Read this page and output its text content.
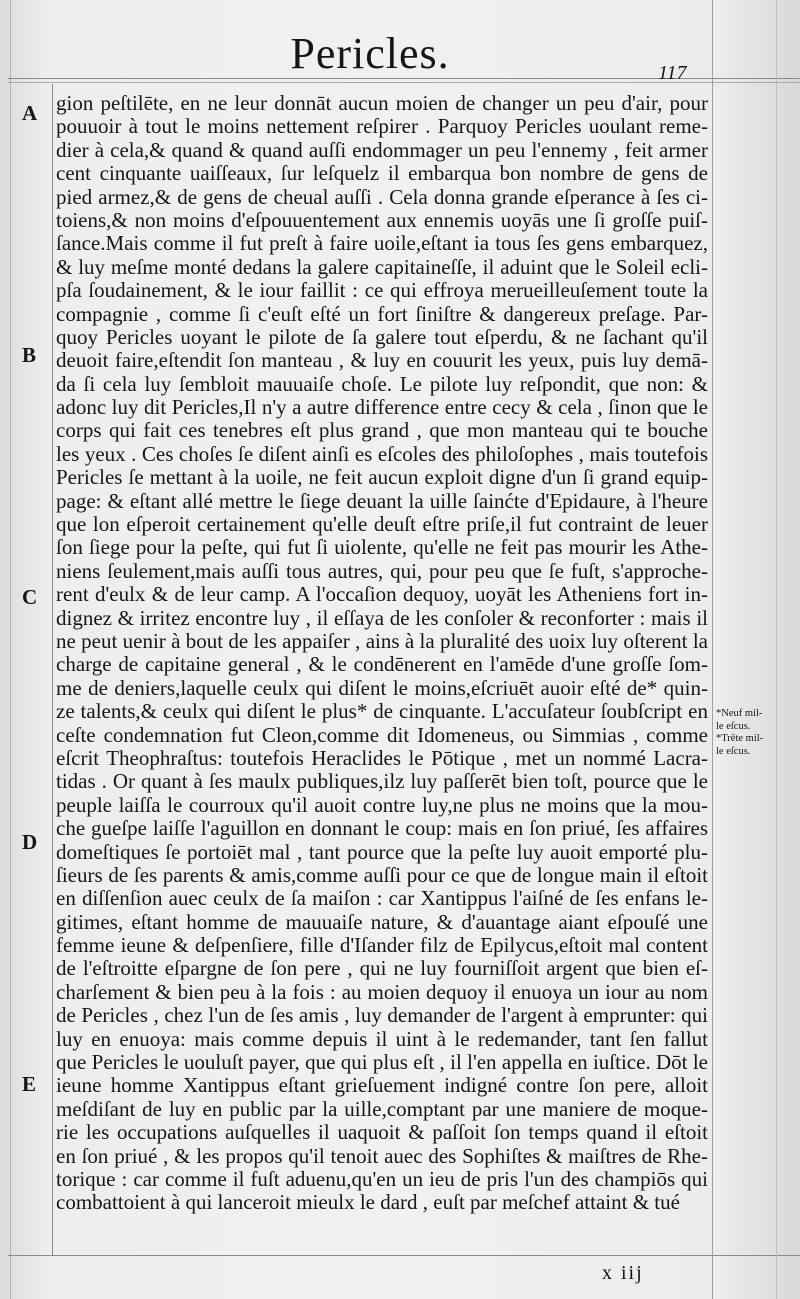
Pericles.	117
A
B
C
D
E
gion peſtilēte, en ne leur donnāt aucun moien de changer un peu d'air, pour
pouuoir à tout le moins nettement reſpirer . Parquoy Pericles uoulant reme-
dier à cela,& quand & quand auſſi endommager un peu l'ennemy , feit armer
cent cinquante uaiſſeaux, ſur leſquelz il embarqua bon nombre de gens de
pied armez,& de gens de cheual auſſi . Cela donna grande eſperance à ſes ci-
toiens,& non moins d'eſpouuentement aux ennemis uoyās une ſi groſſe puiſ-
ſance.Mais comme il fut preſt à faire uoile,eſtant ia tous ſes gens embarquez,
& luy meſme monté dedans la galere capitaineſſe, il aduint que le Soleil ecli-
pſa ſoudainement, & le iour faillit : ce qui effroya merueilleuſement toute la
compagnie , comme ſi c'euſt eſté un fort ſiniſtre & dangereux preſage. Par-
quoy Pericles uoyant le pilote de ſa galere tout eſperdu, & ne ſachant qu'il
deuoit faire,eſtendit ſon manteau , & luy en couurit les yeux, puis luy demā-
da ſi cela luy ſembloit mauuaiſe choſe. Le pilote luy reſpondit, que non: &
adonc luy dit Pericles,Il n'y a autre difference entre cecy & cela , ſinon que le
corps qui fait ces tenebres eſt plus grand , que mon manteau qui te bouche
les yeux . Ces choſes ſe diſent ainſi es eſcoles des philoſophes , mais toutefois
Pericles ſe mettant à la uoile, ne feit aucun exploit digne d'un ſi grand equip-
page: & eſtant allé mettre le ſiege deuant la uille ſainćte d'Epidaure, à l'heure
que lon eſperoit certainement qu'elle deuſt eſtre priſe,il fut contraint de leuer
ſon ſiege pour la peſte, qui fut ſi uiolente, qu'elle ne feit pas mourir les Athe-
niens ſeulement,mais auſſi tous autres, qui, pour peu que ſe fuſt, s'approche-
rent d'eulx & de leur camp. A l'occaſion dequoy, uoyāt les Atheniens fort in-
dignez & irritez encontre luy , il eſſaya de les conſoler & reconforter : mais il
ne peut uenir à bout de les appaiſer , ains à la pluralité des uoix luy oſterent la
charge de capitaine general , & le condēnerent en l'amēde d'une groſſe ſom-
me de deniers,laquelle ceulx qui diſent le moins,eſcriuēt auoir eſté de* quin-
ze talents,& ceulx qui diſent le plus* de cinquante. L'accuſateur ſoubſcript en
ceſte condemnation fut Cleon,comme dit Idomeneus, ou Simmias , comme
eſcrit Theophraſtus: toutefois Heraclides le Pōtique , met un nommé Lacra-
tidas . Or quant à ſes maulx publiques,ilz luy paſſerēt bien toſt, pource que le
peuple laiſſa le courroux qu'il auoit contre luy,ne plus ne moins que la mou-
che gueſpe laiſſe l'aguillon en donnant le coup: mais en ſon priué, ſes affaires
domeſtiques ſe portoiēt mal , tant pource que la peſte luy auoit emporté plu-
ſieurs de ſes parents & amis,comme auſſi pour ce que de longue main il eſtoit
en diſſenſion auec ceulx de ſa maiſon : car Xantippus l'aiſné de ſes enfans le-
gitimes, eſtant homme de mauuaiſe nature, & d'auantage aiant eſpouſé une
femme ieune & deſpenſiere, fille d'Iſander filz de Epilycus,eſtoit mal content
de l'eſtroitte eſpargne de ſon pere , qui ne luy fourniſſoit argent que bien eſ-
charſement & bien peu à la fois : au moien dequoy il enuoya un iour au nom
de Pericles , chez l'un de ſes amis , luy demander de l'argent à emprunter: qui
luy en enuoya: mais comme depuis il uint à le redemander, tant ſen fallut
que Pericles le uouluſt payer, que qui plus eſt , il l'en appella en iuſtice. Dōt le
ieune homme Xantippus eſtant grieſuement indigné contre ſon pere, alloit
meſdiſant de luy en public par la uille,comptant par une maniere de moque-
rie les occupations auſquelles il uaquoit & paſſoit ſon temps quand il eſtoit
en ſon priué , & les propos qu'il tenoit auec des Sophiſtes & maiſtres de Rhe-
torique : car comme il fuſt aduenu,qu'en un ieu de pris l'un des champiōs qui
combattoient à qui lanceroit mieulx le dard , euſt par meſchef attaint & tué
*Neuf mil-
le eſcus.
*Trēte mil-
le eſcus.
x iij
